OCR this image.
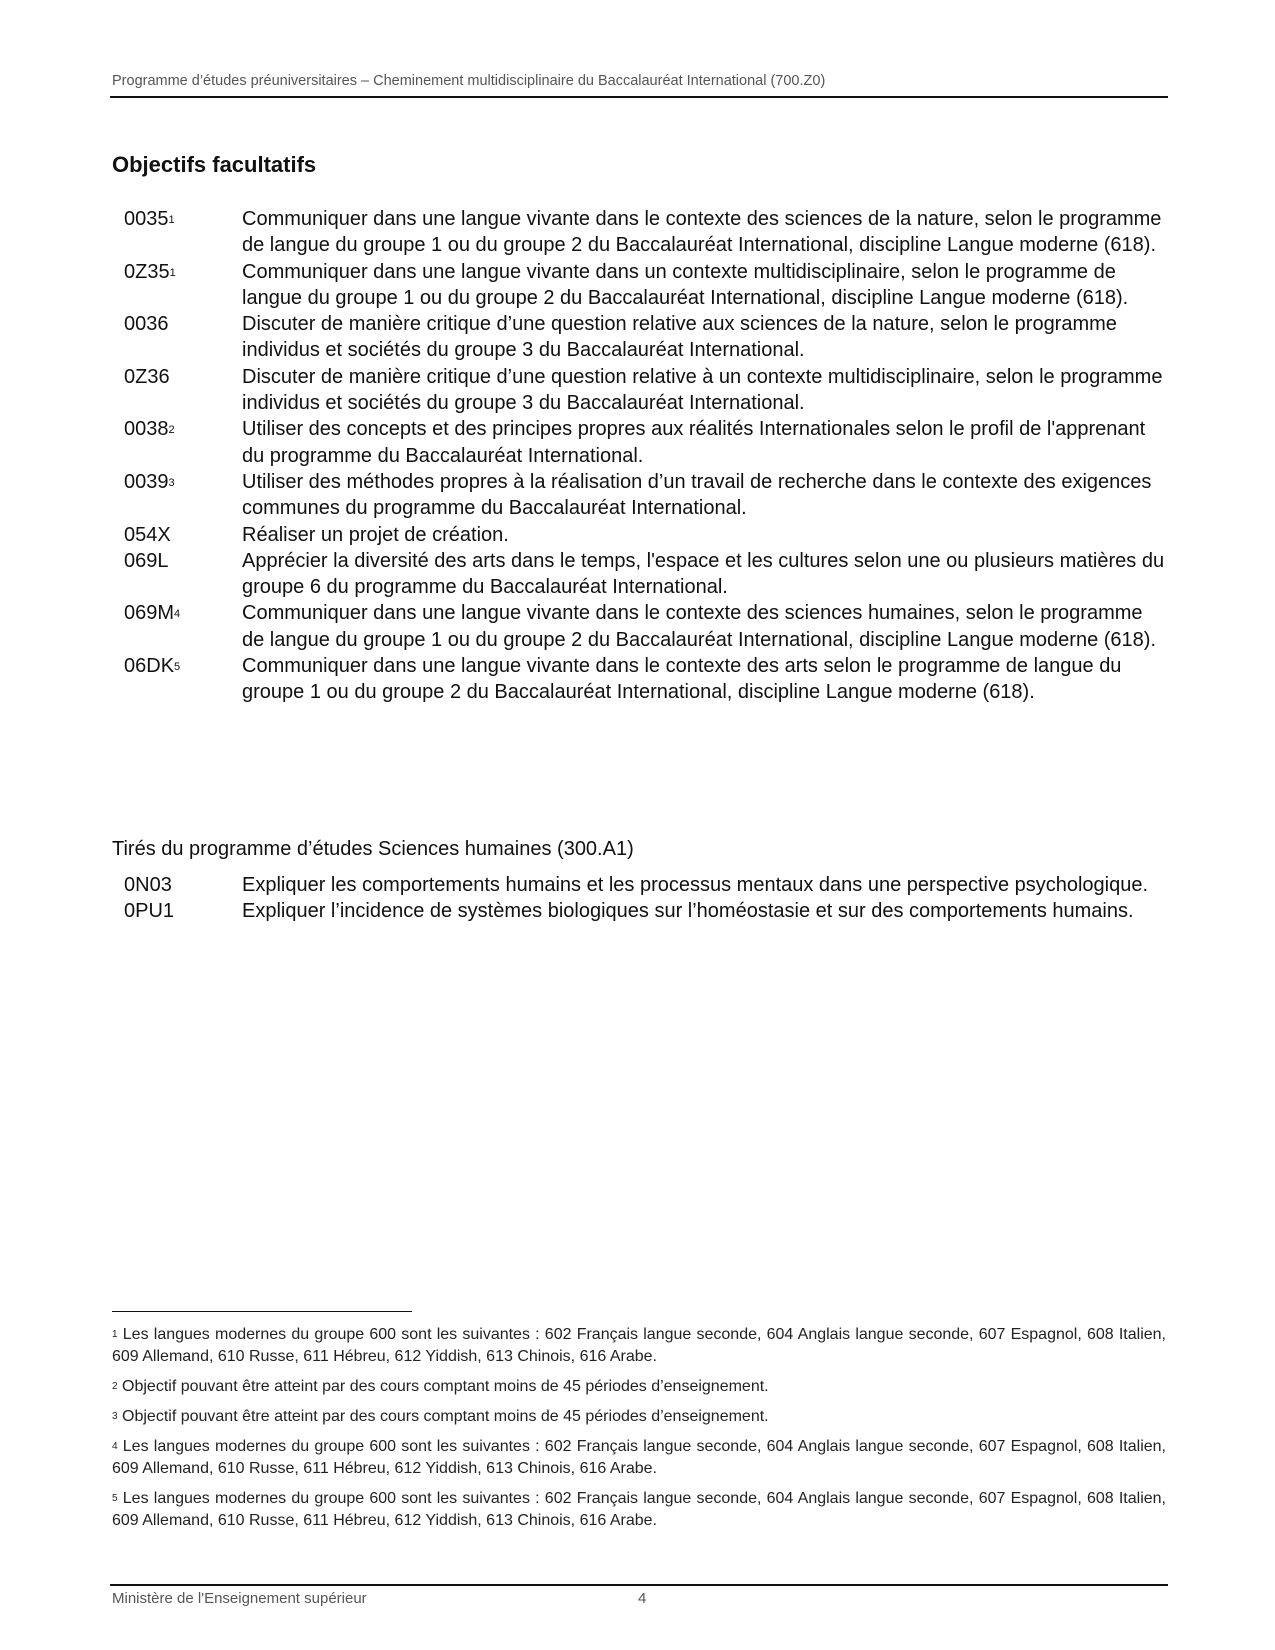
Programme d’études préuniversitaires – Cheminement multidisciplinaire du Baccalauréat International (700.Z0)
Objectifs facultatifs
0035$^1$	Communiquer dans une langue vivante dans le contexte des sciences de la nature, selon le programme de langue du groupe 1 ou du groupe 2 du Baccalauréat International, discipline Langue moderne (618).
$0Z35^1$	Communiquer dans une langue vivante dans un contexte multidisciplinaire, selon le programme de langue du groupe 1 ou du groupe 2 du Baccalauréat International, discipline Langue moderne (618).
0036	Discuter de manière critique d’une question relative aux sciences de la nature, selon le programme individus et sociétés du groupe 3 du Baccalauréat International.
0Z36	Discuter de manière critique d’une question relative à un contexte multidisciplinaire, selon le programme individus et sociétés du groupe 3 du Baccalauréat International.
0038$^2$	Utiliser des concepts et des principes propres aux réalités Internationales selon le profil de l'apprenant du programme du Baccalauréat International.
0039$^3$	Utiliser des méthodes propres à la réalisation d’un travail de recherche dans le contexte des exigences communes du programme du Baccalauréat International.
054X	Réaliser un projet de création.
069L	Apprécier la diversité des arts dans le temps, l'espace et les cultures selon une ou plusieurs matières du groupe 6 du programme du Baccalauréat International.
$069M^4$	Communiquer dans une langue vivante dans le contexte des sciences humaines, selon le programme de langue du groupe 1 ou du groupe 2 du Baccalauréat International, discipline Langue moderne (618).
$06DK^5$	Communiquer dans une langue vivante dans le contexte des arts selon le programme de langue du groupe 1 ou du groupe 2 du Baccalauréat International, discipline Langue moderne (618).
Tirés du programme d’études Sciences humaines (300.A1)
0N03	Expliquer les comportements humains et les processus mentaux dans une perspective psychologique.
0PU1	Expliquer l’incidence de systèmes biologiques sur l’homéostasie et sur des comportements humains.
$^1$ Les langues modernes du groupe 600 sont les suivantes : 602 Français langue seconde, 604 Anglais langue seconde, 607 Espagnol, 608 Italien, 609 Allemand, 610 Russe, 611 Hébreu, 612 Yiddish, 613 Chinois, 616 Arabe.
$^2$ Objectif pouvant être atteint par des cours comptant moins de 45 périodes d’enseignement.
$^3$ Objectif pouvant être atteint par des cours comptant moins de 45 périodes d’enseignement.
$^4$ Les langues modernes du groupe 600 sont les suivantes : 602 Français langue seconde, 604 Anglais langue seconde, 607 Espagnol, 608 Italien, 609 Allemand, 610 Russe, 611 Hébreu, 612 Yiddish, 613 Chinois, 616 Arabe.
$^5$ Les langues modernes du groupe 600 sont les suivantes : 602 Français langue seconde, 604 Anglais langue seconde, 607 Espagnol, 608 Italien, 609 Allemand, 610 Russe, 611 Hébreu, 612 Yiddish, 613 Chinois, 616 Arabe.
Ministère de l'Enseignement supérieur	4
